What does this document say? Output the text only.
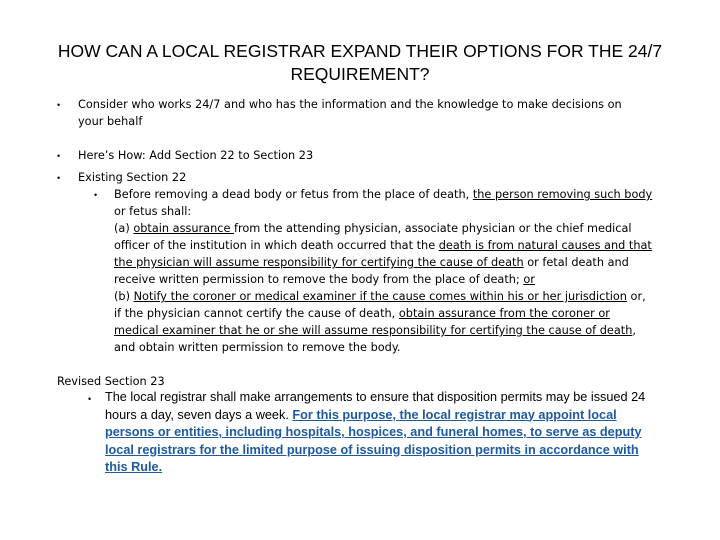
HOW CAN A LOCAL REGISTRAR EXPAND THEIR OPTIONS FOR THE 24/7 REQUIREMENT?
• Consider who works 24/7 and who has the information and the knowledge to make decisions on your behalf
• Here’s How: Add Section 22 to Section 23
• Existing Section 22
• Before removing a dead body or fetus from the place of death, the person removing such body or fetus shall:
(a) obtain assurance from the attending physician, associate physician or the chief medical officer of the institution in which death occurred that the death is from natural causes and that the physician will assume responsibility for certifying the cause of death or fetal death and receive written permission to remove the body from the place of death; or
(b) Notify the coroner or medical examiner if the cause comes within his or her jurisdiction or, if the physician cannot certify the cause of death, obtain assurance from the coroner or medical examiner that he or she will assume responsibility for certifying the cause of death, and obtain written permission to remove the body.
Revised Section 23
• The local registrar shall make arrangements to ensure that disposition permits may be issued 24 hours a day, seven days a week. For this purpose, the local registrar may appoint local persons or entities, including hospitals, hospices, and funeral homes, to serve as deputy local registrars for the limited purpose of issuing disposition permits in accordance with this Rule.
